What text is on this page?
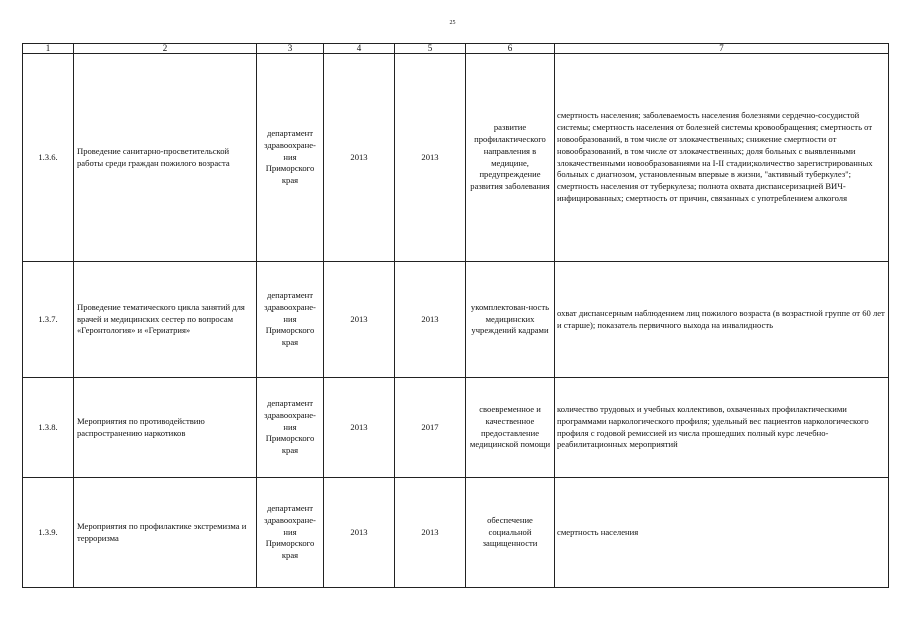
25
1	2	3	4	5	6	7
1.3.6.	Проведение санитарно-просветительской работы среди граждан пожилого возраста	департамент здравоохране-ния Приморского края	2013	2013	развитие профилактического направления в медицине, предупреждение развития заболевания	смертность населения; заболеваемость населения болезнями сердечно-сосудистой системы; смертность населения от болезней системы кровообращения; смертность от новообразований, в том числе от злокачественных; снижение смертности от новообразований, в том числе от злокачественных; доля больных с выявленными злокачественными новообразованиями на I-II стадии;количество зарегистрированных больных с диагнозом, установленным впервые в жизни, "активный туберкулез"; смертность населения от туберкулеза; полнота охвата диспансеризацией ВИЧ-инфицированных; смертность от причин, связанных с употреблением алкоголя
1.3.7.	Проведение тематического цикла занятий для врачей и медицинских сестер по вопросам «Геронтология» и «Гериатрия»	департамент здравоохране-ния Приморского края	2013	2013	укомплектован-ность медицинских учреждений кадрами	охват диспансерным наблюдением лиц пожилого возраста (в возрастной группе от 60 лет и старше); показатель первичного выхода на инвалидность
1.3.8.	Мероприятия по противодействию распространению наркотиков	департамент здравоохране-ния Приморского края	2013	2017	своевременное и качественное предоставление медицинской помощи	количество трудовых и учебных коллективов, охваченных профилактическими программами наркологического профиля; удельный вес пациентов наркологического профиля с годовой ремиссией из числа прошедших полный курс лечебно-реабилитационных мероприятий
1.3.9.	Мероприятия по профилактике экстремизма и терроризма	департамент здравоохране-ния Приморского края	2013	2013	обеспечение социальной защищенности	смертность населения
